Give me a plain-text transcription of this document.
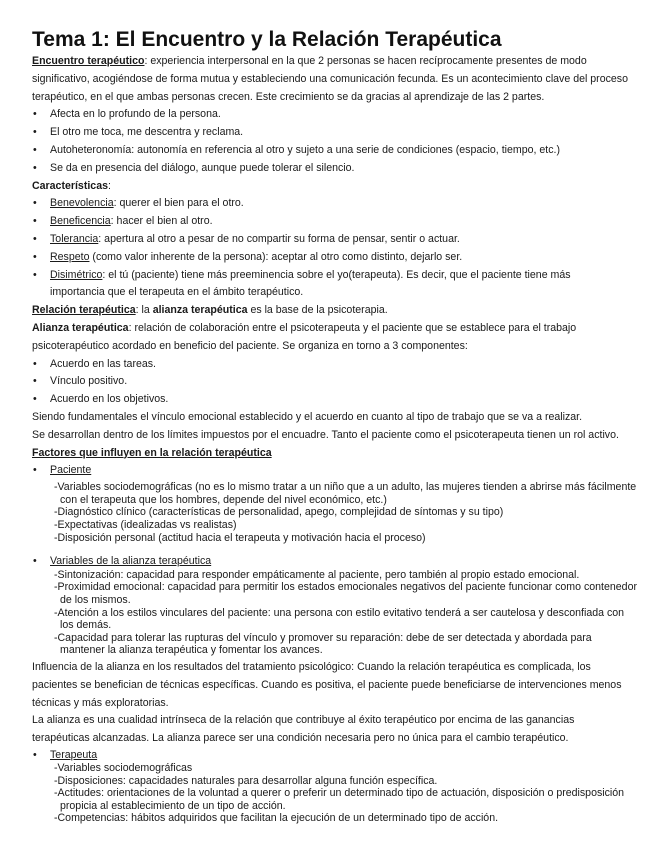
Tema 1: El Encuentro y la Relación Terapéutica

Encuentro terapéutico: experiencia interpersonal en la que 2 personas se hacen recíprocamente presentes de modo

significativo, acogiéndose de forma mutua y estableciendo una comunicación fecunda. Es un acontecimiento clave del proceso

terapéutico, en el que ambas personas crecen. Este crecimiento se da gracias al aprendizaje de las 2 partes.

• Afecta en lo profundo de la persona.
• El otro me toca, me descentra y reclama.
• Autoheteronomía: autonomía en referencia al otro y sujeto a una serie de condiciones (espacio, tiempo, etc.)
• Se da en presencia del diálogo, aunque puede tolerar el silencio.

Características:

• Benevolencia: querer el bien para el otro.
• Beneficencia: hacer el bien al otro.
• Tolerancia: apertura al otro a pesar de no compartir su forma de pensar, sentir o actuar.
• Respeto (como valor inherente de la persona): aceptar al otro como distinto, dejarlo ser.
• Disimétrico: el tú (paciente) tiene más preeminencia sobre el yo(terapeuta). Es decir, que el paciente tiene más
importancia que el terapeuta en el ámbito terapéutico.

Relación terapéutica: la alianza terapéutica es la base de la psicoterapia.

Alianza terapéutica: relación de colaboración entre el psicoterapeuta y el paciente que se establece para el trabajo

psicoterapéutico acordado en beneficio del paciente. Se organiza en torno a 3 componentes:

• Acuerdo en las tareas.
• Vínculo positivo.
• Acuerdo en los objetivos.

Siendo fundamentales el vínculo emocional establecido y el acuerdo en cuanto al tipo de trabajo que se va a realizar.

Se desarrollan dentro de los límites impuestos por el encuadre. Tanto el paciente como el psicoterapeuta tienen un rol activo.

Factores que influyen en la relación terapéutica

• Paciente
-Variables sociodemográficas (no es lo mismo tratar a un niño que a un adulto, las mujeres tienden a abrirse más fácilmente con el terapeuta que los hombres, depende del nivel económico, etc.)
-Diagnóstico clínico (características de personalidad, apego, complejidad de síntomas y su tipo)
-Expectativas (idealizadas vs realistas)
-Disposición personal (actitud hacia el terapeuta y motivación hacia el proceso)
• Variables de la alianza terapéutica
-Sintonización: capacidad para responder empáticamente al paciente, pero también al propio estado emocional.
-Proximidad emocional: capacidad para permitir los estados emocionales negativos del paciente funcionar como contenedor de los mismos.
-Atención a los estilos vinculares del paciente: una persona con estilo evitativo tenderá a ser cautelosa y desconfiada con los demás.
-Capacidad para tolerar las rupturas del vínculo y promover su reparación: debe de ser detectada y abordada para mantener la alianza terapéutica y fomentar los avances.

Influencia de la alianza en los resultados del tratamiento psicológico: Cuando la relación terapéutica es complicada, los

pacientes se benefician de técnicas específicas. Cuando es positiva, el paciente puede beneficiarse de intervenciones menos

técnicas y más exploratorias.

La alianza es una cualidad intrínseca de la relación que contribuye al éxito terapéutico por encima de las ganancias

terapéuticas alcanzadas. La alianza parece ser una condición necesaria pero no única para el cambio terapéutico.

• Terapeuta
-Variables sociodemográficas
-Disposiciones: capacidades naturales para desarrollar alguna función específica.
-Actitudes: orientaciones de la voluntad a querer o preferir un determinado tipo de actuación, disposición o predisposición propicia al establecimiento de un tipo de acción.
-Competencias: hábitos adquiridos que facilitan la ejecución de un determinado tipo de acción.
